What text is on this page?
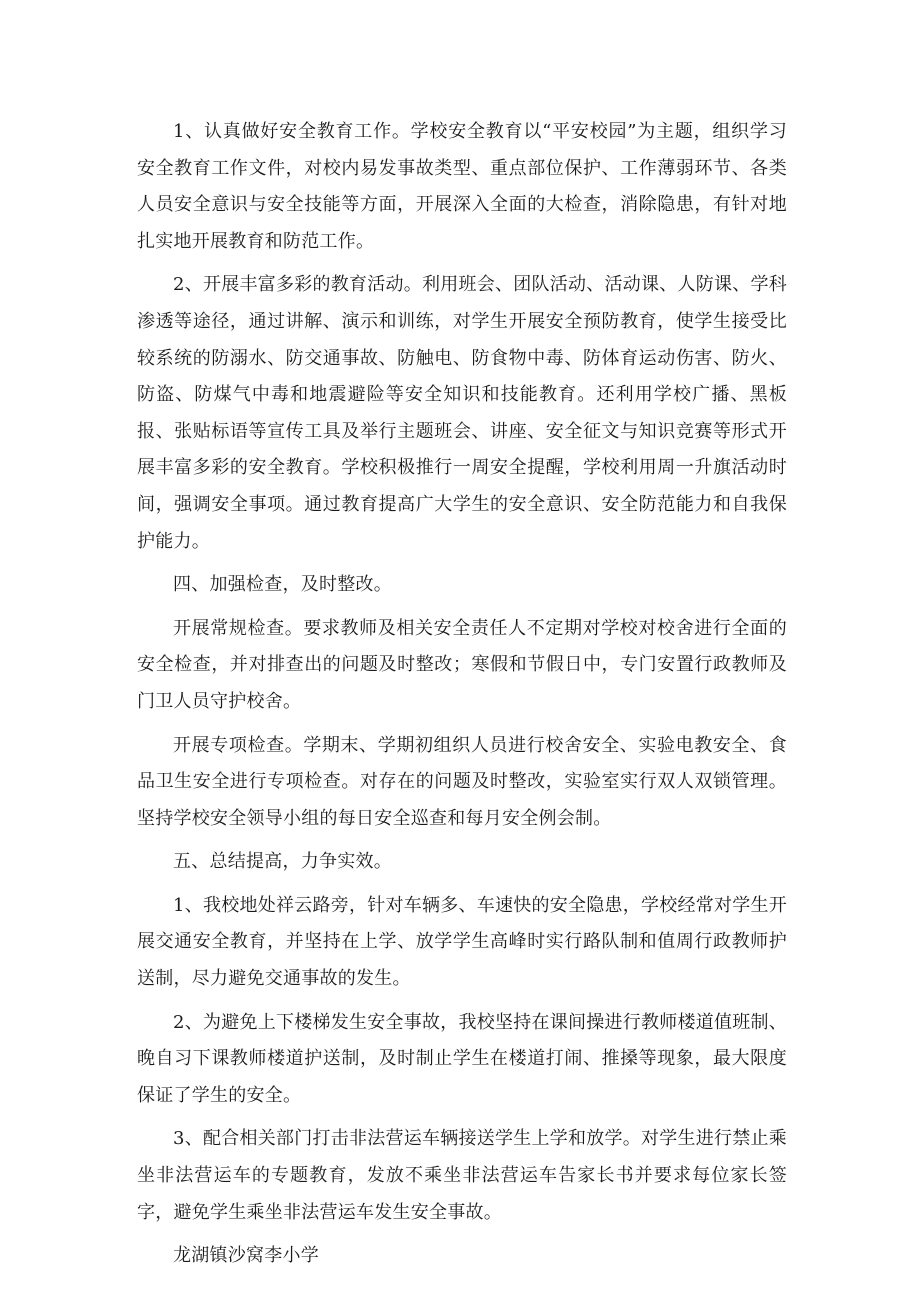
1、认真做好安全教育工作。学校安全教育以“平安校园”为主题，组织学习安全教育工作文件，对校内易发事故类型、重点部位保护、工作薄弱环节、各类人员安全意识与安全技能等方面，开展深入全面的大检查，消除隐患，有针对地扎实地开展教育和防范工作。

2、开展丰富多彩的教育活动。利用班会、团队活动、活动课、人防课、学科渗透等途径，通过讲解、演示和训练，对学生开展安全预防教育，使学生接受比较系统的防溺水、防交通事故、防触电、防食物中毒、防体育运动伤害、防火、防盗、防煤气中毒和地震避险等安全知识和技能教育。还利用学校广播、黑板报、张贴标语等宣传工具及举行主题班会、讲座、安全征文与知识竞赛等形式开展丰富多彩的安全教育。学校积极推行一周安全提醒，学校利用周一升旗活动时间，强调安全事项。通过教育提高广大学生的安全意识、安全防范能力和自我保护能力。

四、加强检查，及时整改。

开展常规检查。要求教师及相关安全责任人不定期对学校对校舍进行全面的安全检查，并对排查出的问题及时整改；寒假和节假日中，专门安置行政教师及门卫人员守护校舍。

开展专项检查。学期末、学期初组织人员进行校舍安全、实验电教安全、食品卫生安全进行专项检查。对存在的问题及时整改，实验室实行双人双锁管理。坚持学校安全领导小组的每日安全巡查和每月安全例会制。

五、总结提高，力争实效。

1、我校地处祥云路旁，针对车辆多、车速快的安全隐患，学校经常对学生开展交通安全教育，并坚持在上学、放学学生高峰时实行路队制和值周行政教师护送制，尽力避免交通事故的发生。

2、为避免上下楼梯发生安全事故，我校坚持在课间操进行教师楼道值班制、晚自习下课教师楼道护送制，及时制止学生在楼道打闹、推搡等现象，最大限度保证了学生的安全。

3、配合相关部门打击非法营运车辆接送学生上学和放学。对学生进行禁止乘坐非法营运车的专题教育，发放不乘坐非法营运车告家长书并要求每位家长签字，避免学生乘坐非法营运车发生安全事故。

龙湖镇沙窝李小学
